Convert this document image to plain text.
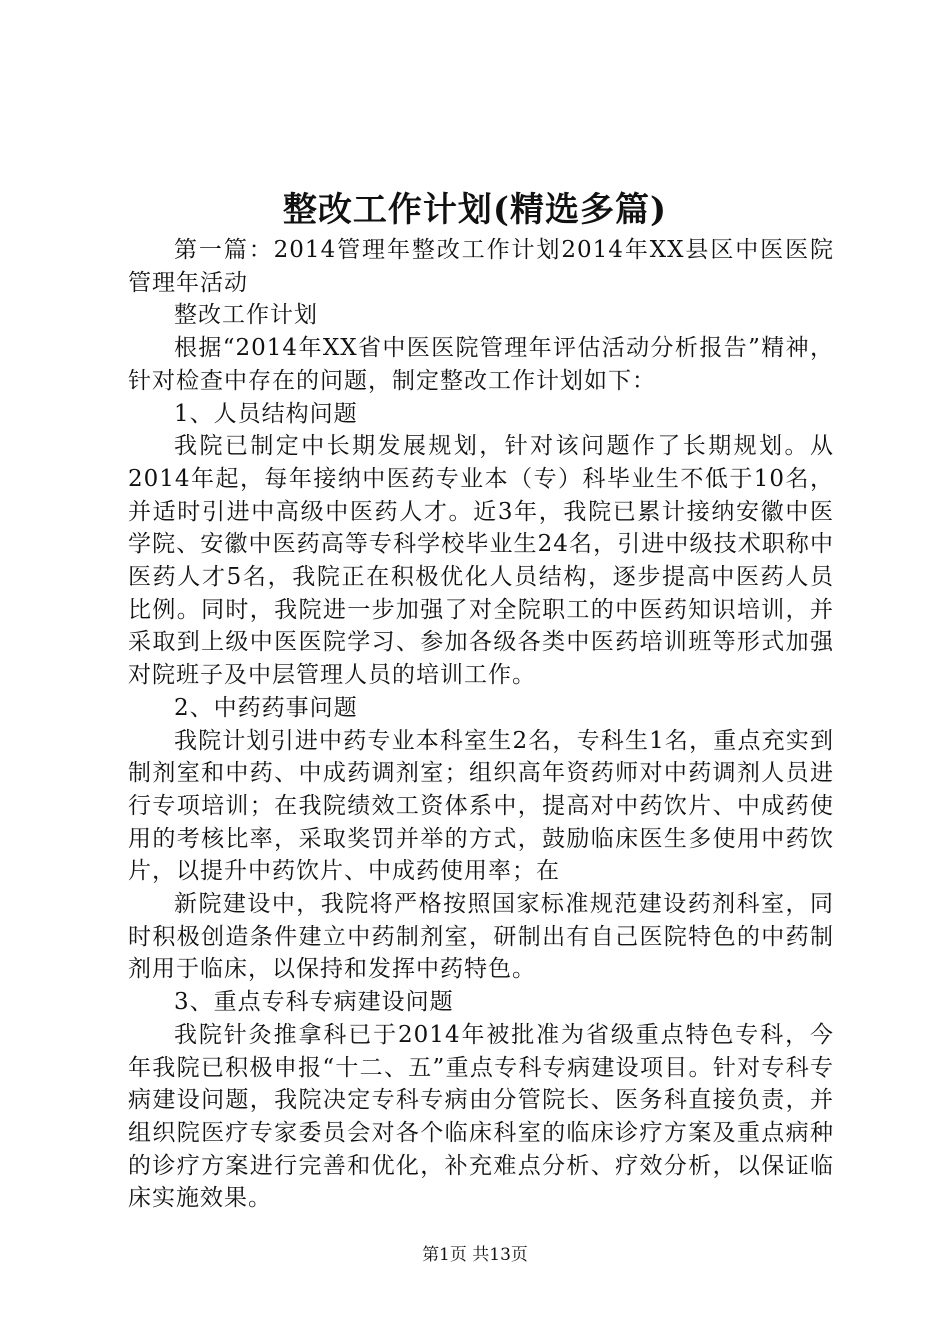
整改工作计划(精选多篇)

第一篇：2014管理年整改工作计划2014年XX县区中医医院管理年活动

整改工作计划

根据“2014年XX省中医医院管理年评估活动分析报告”精神，针对检查中存在的问题，制定整改工作计划如下：

1、人员结构问题

我院已制定中长期发展规划，针对该问题作了长期规划。从2014年起，每年接纳中医药专业本（专）科毕业生不低于10名，并适时引进中高级中医药人才。近3年，我院已累计接纳安徽中医学院、安徽中医药高等专科学校毕业生24名，引进中级技术职称中医药人才5名，我院正在积极优化人员结构，逐步提高中医药人员比例。同时，我院进一步加强了对全院职工的中医药知识培训，并采取到上级中医医院学习、参加各级各类中医药培训班等形式加强对院班子及中层管理人员的培训工作。

2、中药药事问题

我院计划引进中药专业本科室生2名，专科生1名，重点充实到制剂室和中药、中成药调剂室；组织高年资药师对中药调剂人员进行专项培训；在我院绩效工资体系中，提高对中药饮片、中成药使用的考核比率，采取奖罚并举的方式，鼓励临床医生多使用中药饮片，以提升中药饮片、中成药使用率；在

新院建设中，我院将严格按照国家标准规范建设药剂科室，同时积极创造条件建立中药制剂室，研制出有自己医院特色的中药制剂用于临床，以保持和发挥中药特色。

3、重点专科专病建设问题

我院针灸推拿科已于2014年被批准为省级重点特色专科，今年我院已积极申报“十二、五”重点专科专病建设项目。针对专科专病建设问题，我院决定专科专病由分管院长、医务科直接负责，并组织院医疗专家委员会对各个临床科室的临床诊疗方案及重点病种的诊疗方案进行完善和优化，补充难点分析、疗效分析，以保证临床实施效果。

第1页 共13页
